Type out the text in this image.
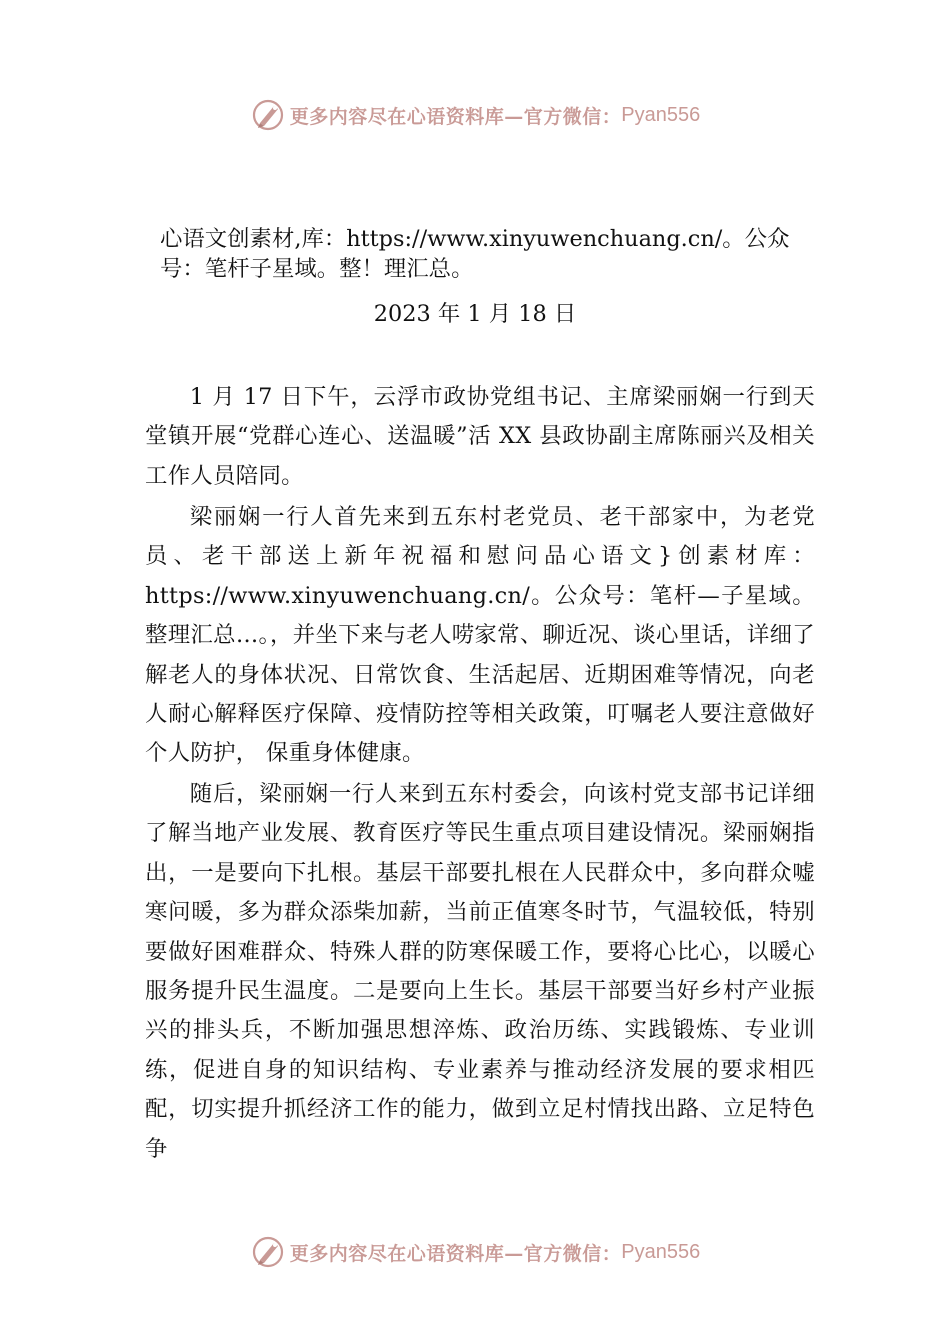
更多内容尽在心语资料库—官方微信： Pyan556

心语文创素材,库：https://www.xinyuwenchuang.cn/。公众号：笔杆子星域。整！理汇总。

2023 年 1 月 18 日

1 月 17 日下午，云浮市政协党组书记、主席梁丽娴一行到天堂镇开展“党群心连心、送温暖”活 XX 县政协副主席陈丽兴及相关工作人员陪同。

梁丽娴一行人首先来到五东村老党员、老干部家中，为老党员、老干部送上新年祝福和慰问品心语文}创素材库：https://www.xinyuwenchuang.cn/。公众号：笔杆—子星域。整理汇总…。，并坐下来与老人唠家常、聊近况、谈心里话，详细了解老人的身体状况、日常饮食、生活起居、近期困难等情况，向老人耐心解释医疗保障、疫情防控等相关政策，叮嘱老人要注意做好个人防护， 保重身体健康。

随后，梁丽娴一行人来到五东村委会，向该村党支部书记详细了解当地产业发展、教育医疗等民生重点项目建设情况。梁丽娴指出，一是要向下扎根。基层干部要扎根在人民群众中，多向群众嘘寒问暖，多为群众添柴加薪，当前正值寒冬时节，气温较低，特别要做好困难群众、特殊人群的防寒保暖工作，要将心比心，以暖心服务提升民生温度。二是要向上生长。基层干部要当好乡村产业振兴的排头兵，不断加强思想淬炼、政治历练、实践锻炼、专业训练，促进自身的知识结构、专业素养与推动经济发展的要求相匹配，切实提升抓经济工作的能力，做到立足村情找出路、立足特色争

更多内容尽在心语资料库—官方微信： Pyan556
